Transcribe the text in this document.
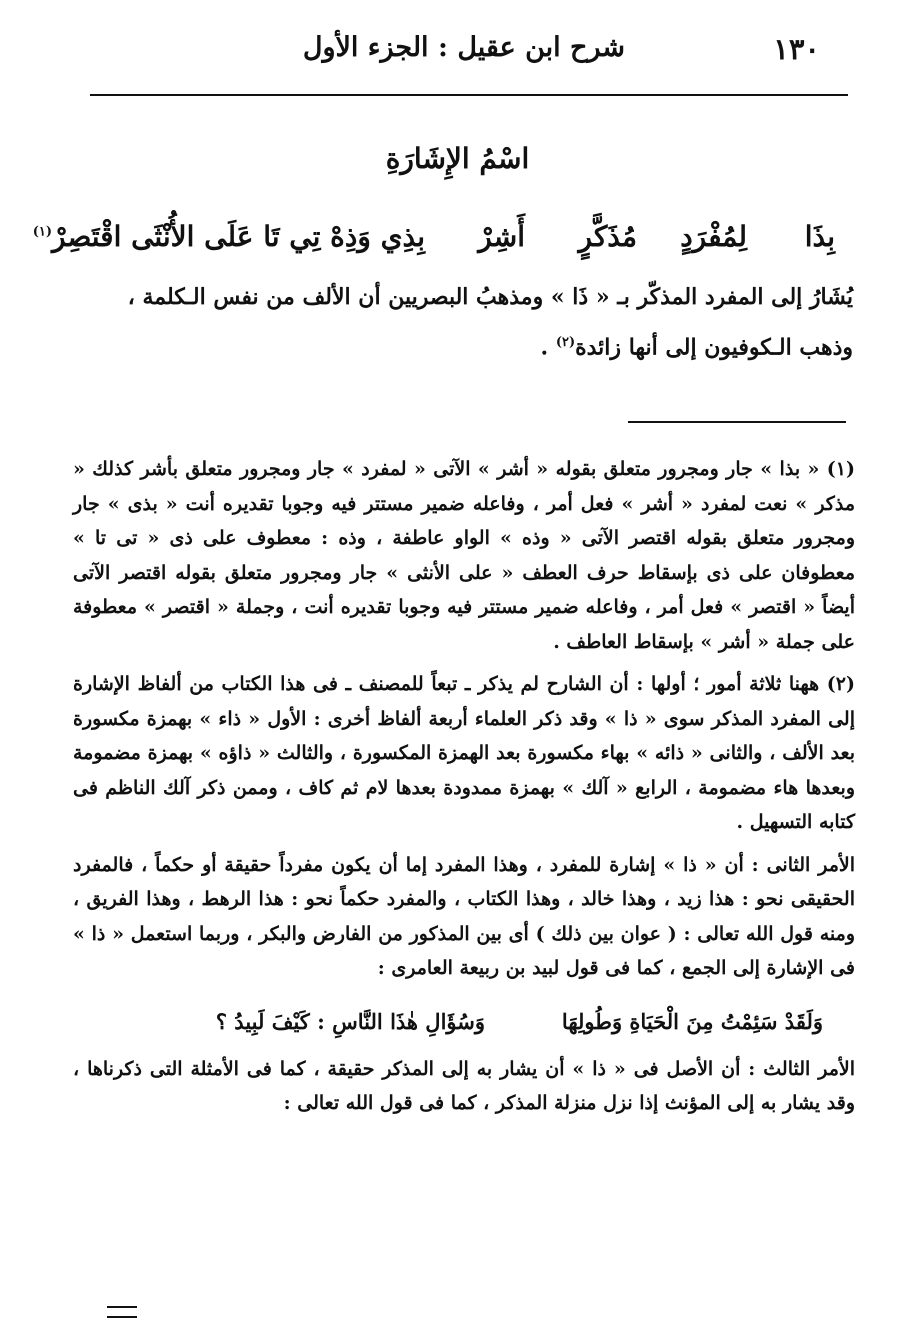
١٣٠
شرح ابن عقيل : الجزء الأول
اسْمُ الإِشَارَةِ
بِذَا
لِمُفْرَدٍ
مُذَكَّرٍ
أَشِرْ
بِذِي وَذِهْ تِي تَا عَلَى الأُنْثَى اقْتَصِرْ$^{(١)}$
يُشَارُ إلى المفرد المذكّر بـ « ذَا » ومذهبُ البصريين أن الألف من نفس الـكلمة ،
وذهب الـكوفيون إلى أنها زائدة$^{(٢)}$ .

(١) « بذا » جار ومجرور متعلق بقوله « أشر » الآتى « لمفرد » جار ومجرور متعلق بأشر كذلك « مذكر » نعت لمفرد « أشر » فعل أمر ، وفاعله ضمير مستتر فيه وجوبا تقديره أنت « بذى » جار ومجرور متعلق بقوله اقتصر الآتى « وذه » الواو عاطفة ، وذه : معطوف على ذى « تى تا » معطوفان على ذى بإسقاط حرف العطف « على الأنثى » جار ومجرور متعلق بقوله اقتصر الآتى أيضاً « اقتصر » فعل أمر ، وفاعله ضمير مستتر فيه وجوبا تقديره أنت ، وجملة « اقتصر » معطوفة على جملة « أشر » بإسقاط العاطف .

(٢) ههنا ثلاثة أمور ؛ أولها : أن الشارح لم يذكر ـ تبعاً للمصنف ـ فى هذا الكتاب من ألفاظ الإشارة إلى المفرد المذكر سوى « ذا » وقد ذكر العلماء أربعة ألفاظ أخرى : الأول « ذاء » بهمزة مكسورة بعد الألف ، والثانى « ذائه » بهاء مكسورة بعد الهمزة المكسورة ، والثالث « ذاؤه » بهمزة مضمومة وبعدها هاء مضمومة ، الرابع « آلك » بهمزة ممدودة بعدها لام ثم كاف ، وممن ذكر آلك الناظم فى كتابه التسهيل .

الأمر الثانى : أن « ذا » إشارة للمفرد ، وهذا المفرد إما أن يكون مفرداً حقيقة أو حكماً ، فالمفرد الحقيقى نحو : هذا زيد ، وهذا خالد ، وهذا الكتاب ، والمفرد حكماً نحو : هذا الرهط ، وهذا الفريق ، ومنه قول الله تعالى : ( عوان بين ذلك ) أى بين المذكور من الفارض والبكر ، وربما استعمل « ذا » فى الإشارة إلى الجمع ، كما فى قول لبيد بن ربيعة العامرى :

وَلَقَدْ سَئِمْتُ مِنَ الْحَيَاةِ وَطُولِهَا
وَسُؤَالِ هٰذَا النَّاسِ : كَيْفَ لَبِيدُ ؟

الأمر الثالث : أن الأصل فى « ذا » أن يشار به إلى المذكر حقيقة ، كما فى الأمثلة التى ذكرناها ، وقد يشار به إلى المؤنث إذا نزل منزلة المذكر ، كما فى قول الله تعالى :
